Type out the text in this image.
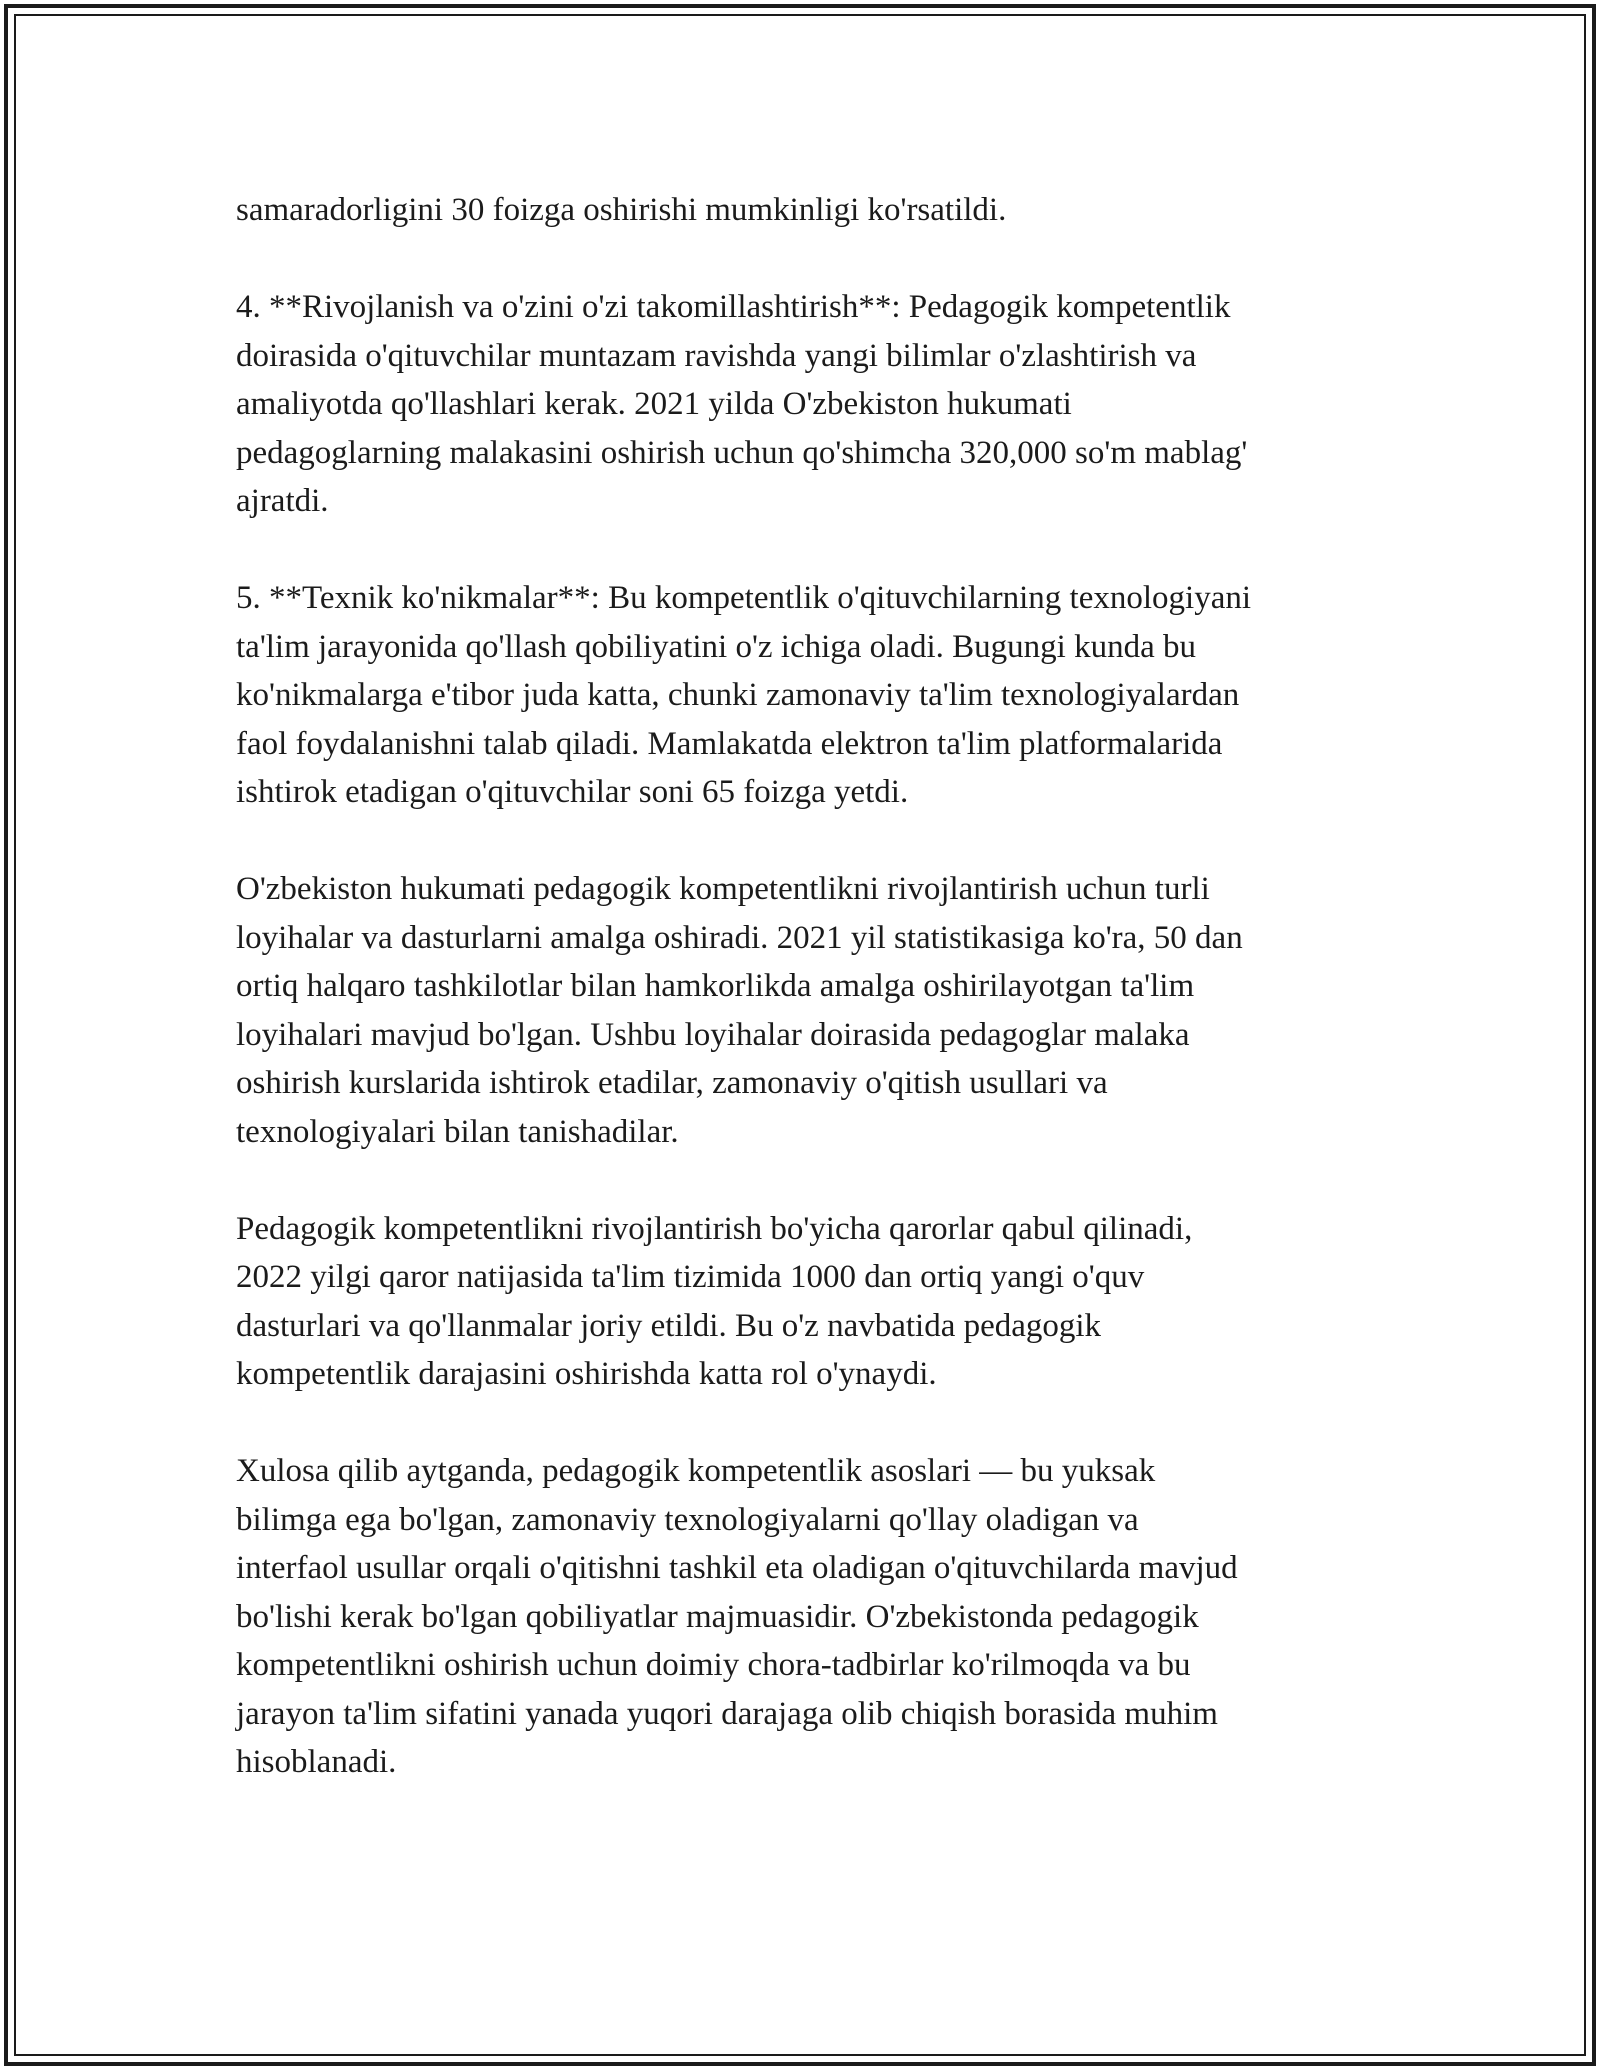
samaradorligini 30 foizga oshirishi mumkinligi ko'rsatildi.

4. **Rivojlanish va o'zini o'zi takomillashtirish**: Pedagogik kompetentlik
doirasida o'qituvchilar muntazam ravishda yangi bilimlar o'zlashtirish va
amaliyotda qo'llashlari kerak. 2021 yilda O'zbekiston hukumati
pedagoglarning malakasini oshirish uchun qo'shimcha 320,000 so'm mablag'
ajratdi.

5. **Texnik ko'nikmalar**: Bu kompetentlik o'qituvchilarning texnologiyani
ta'lim jarayonida qo'llash qobiliyatini o'z ichiga oladi. Bugungi kunda bu
ko'nikmalarga e'tibor juda katta, chunki zamonaviy ta'lim texnologiyalardan
faol foydalanishni talab qiladi. Mamlakatda elektron ta'lim platformalarida
ishtirok etadigan o'qituvchilar soni 65 foizga yetdi.

O'zbekiston hukumati pedagogik kompetentlikni rivojlantirish uchun turli
loyihalar va dasturlarni amalga oshiradi. 2021 yil statistikasiga ko'ra, 50 dan
ortiq halqaro tashkilotlar bilan hamkorlikda amalga oshirilayotgan ta'lim
loyihalari mavjud bo'lgan. Ushbu loyihalar doirasida pedagoglar malaka
oshirish kurslarida ishtirok etadilar, zamonaviy o'qitish usullari va
texnologiyalari bilan tanishadilar.

Pedagogik kompetentlikni rivojlantirish bo'yicha qarorlar qabul qilinadi,
2022 yilgi qaror natijasida ta'lim tizimida 1000 dan ortiq yangi o'quv
dasturlari va qo'llanmalar joriy etildi. Bu o'z navbatida pedagogik
kompetentlik darajasini oshirishda katta rol o'ynaydi.

Xulosa qilib aytganda, pedagogik kompetentlik asoslari — bu yuksak
bilimga ega bo'lgan, zamonaviy texnologiyalarni qo'llay oladigan va
interfaol usullar orqali o'qitishni tashkil eta oladigan o'qituvchilarda mavjud
bo'lishi kerak bo'lgan qobiliyatlar majmuasidir. O'zbekistonda pedagogik
kompetentlikni oshirish uchun doimiy chora-tadbirlar ko'rilmoqda va bu
jarayon ta'lim sifatini yanada yuqori darajaga olib chiqish borasida muhim
hisoblanadi.
